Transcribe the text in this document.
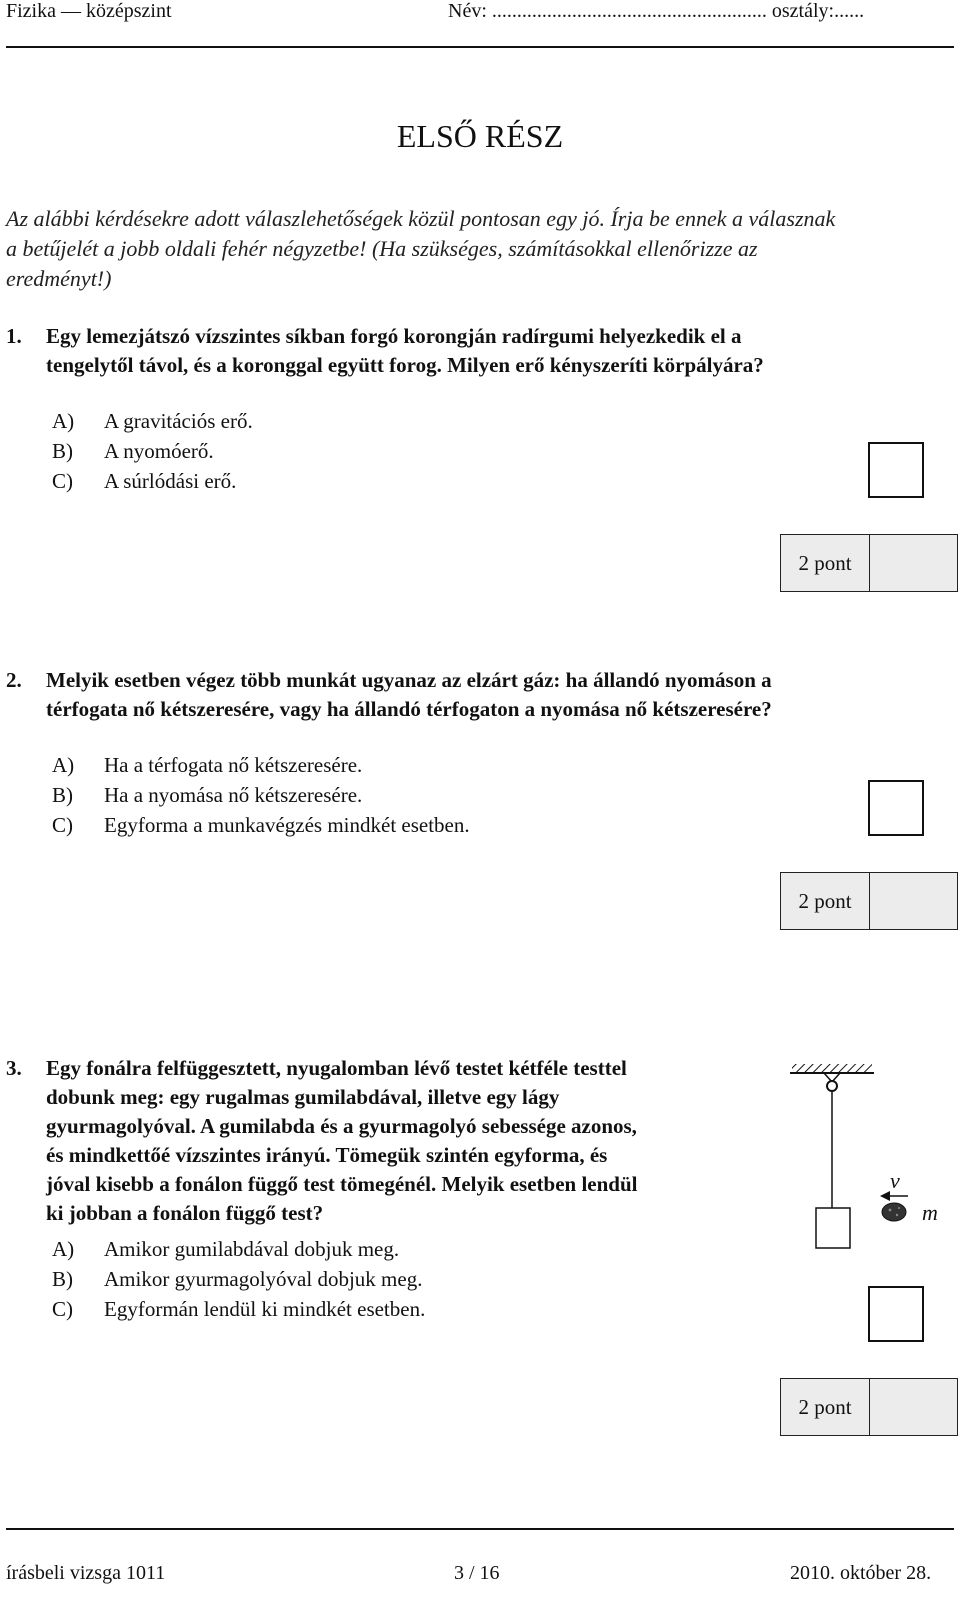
Fizika — középszint	Név: ....................................................... osztály:......
ELSŐ RÉSZ
Az alábbi kérdésekre adott válaszlehetőségek közül pontosan egy jó. Írja be ennek a válasznak
a betűjelét a jobb oldali fehér négyzetbe! (Ha szükséges, számításokkal ellenőrizze az
eredményt!)
1.	Egy lemezjátszó vízszintes síkban forgó korongján radírgumi helyezkedik el a
tengelytől távol, és a koronggal együtt forog. Milyen erő kényszeríti körpályára?
A)	A gravitációs erő.
B)	A nyomóerő.
C)	A súrlódási erő.
2 pont
2.	Melyik esetben végez több munkát ugyanaz az elzárt gáz: ha állandó nyomáson a
térfogata nő kétszeresére, vagy ha állandó térfogaton a nyomása nő kétszeresére?
A)	Ha a térfogata nő kétszeresére.
B)	Ha a nyomása nő kétszeresére.
C)	Egyforma a munkavégzés mindkét esetben.
2 pont
3.	Egy fonálra felfüggesztett, nyugalomban lévő testet kétféle testtel
dobunk meg: egy rugalmas gumilabdával, illetve egy lágy
gyurmagolyóval. A gumilabda és a gyurmagolyó sebessége azonos,
és mindkettőé vízszintes irányú. Tömegük szintén egyforma, és
jóval kisebb a fonálon függő test tömegénél. Melyik esetben lendül
ki jobban a fonálon függő test?
v
m
A)	Amikor gumilabdával dobjuk meg.
B)	Amikor gyurmagolyóval dobjuk meg.
C)	Egyformán lendül ki mindkét esetben.
2 pont
írásbeli vizsga 1011	3 / 16	2010. október 28.
